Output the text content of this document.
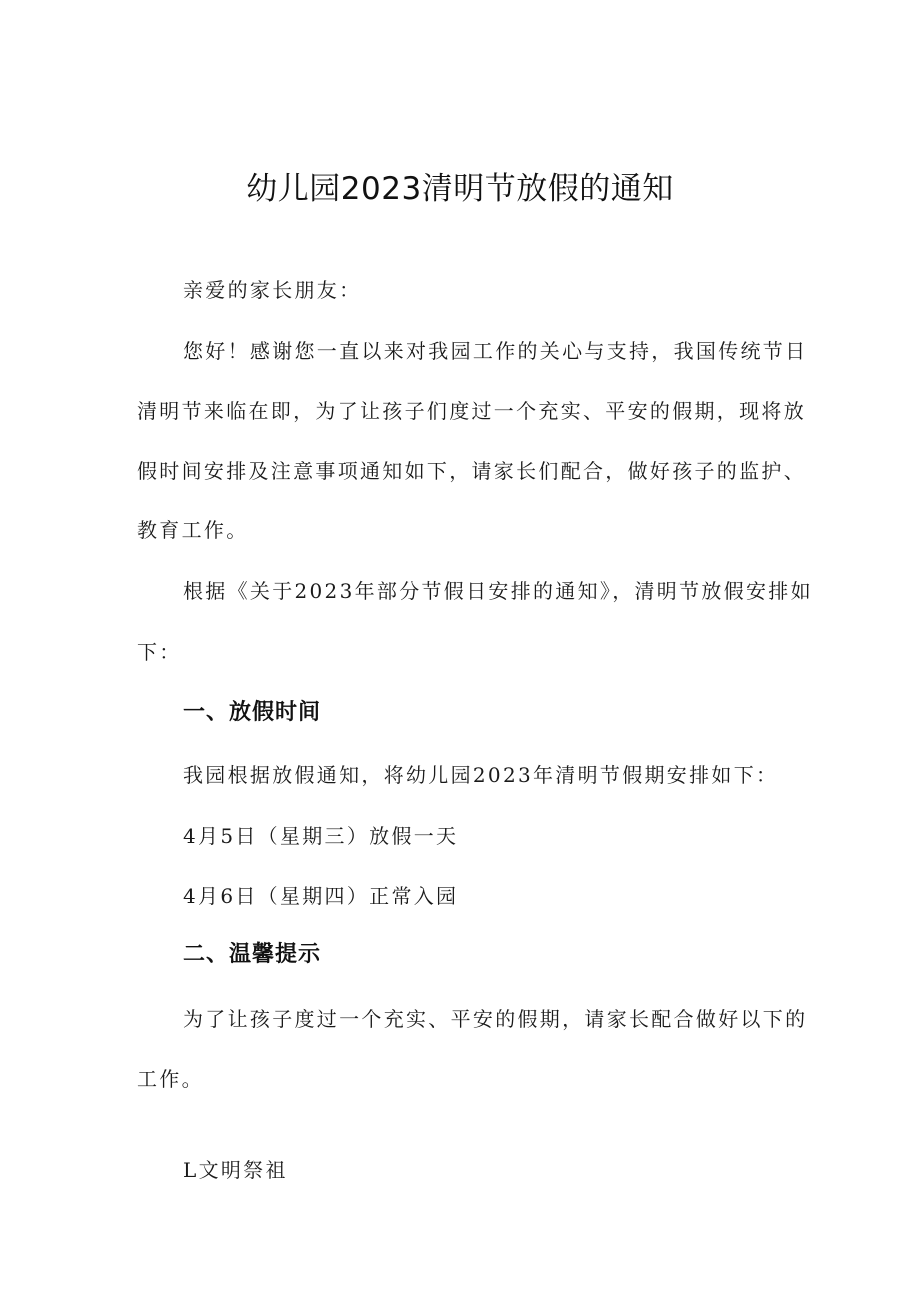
幼儿园2023清明节放假的通知

亲爱的家长朋友：

您好！感谢您一直以来对我园工作的关心与支持，我国传统节日

清明节来临在即，为了让孩子们度过一个充实、平安的假期，现将放

假时间安排及注意事项通知如下，请家长们配合，做好孩子的监护、

教育工作。

根据《关于2023年部分节假日安排的通知》，清明节放假安排如

下：

一、放假时间

我园根据放假通知，将幼儿园2023年清明节假期安排如下：

4月5日（星期三）放假一天

4月6日（星期四）正常入园

二、温馨提示

为了让孩子度过一个充实、平安的假期，请家长配合做好以下的

工作。

L文明祭祖
